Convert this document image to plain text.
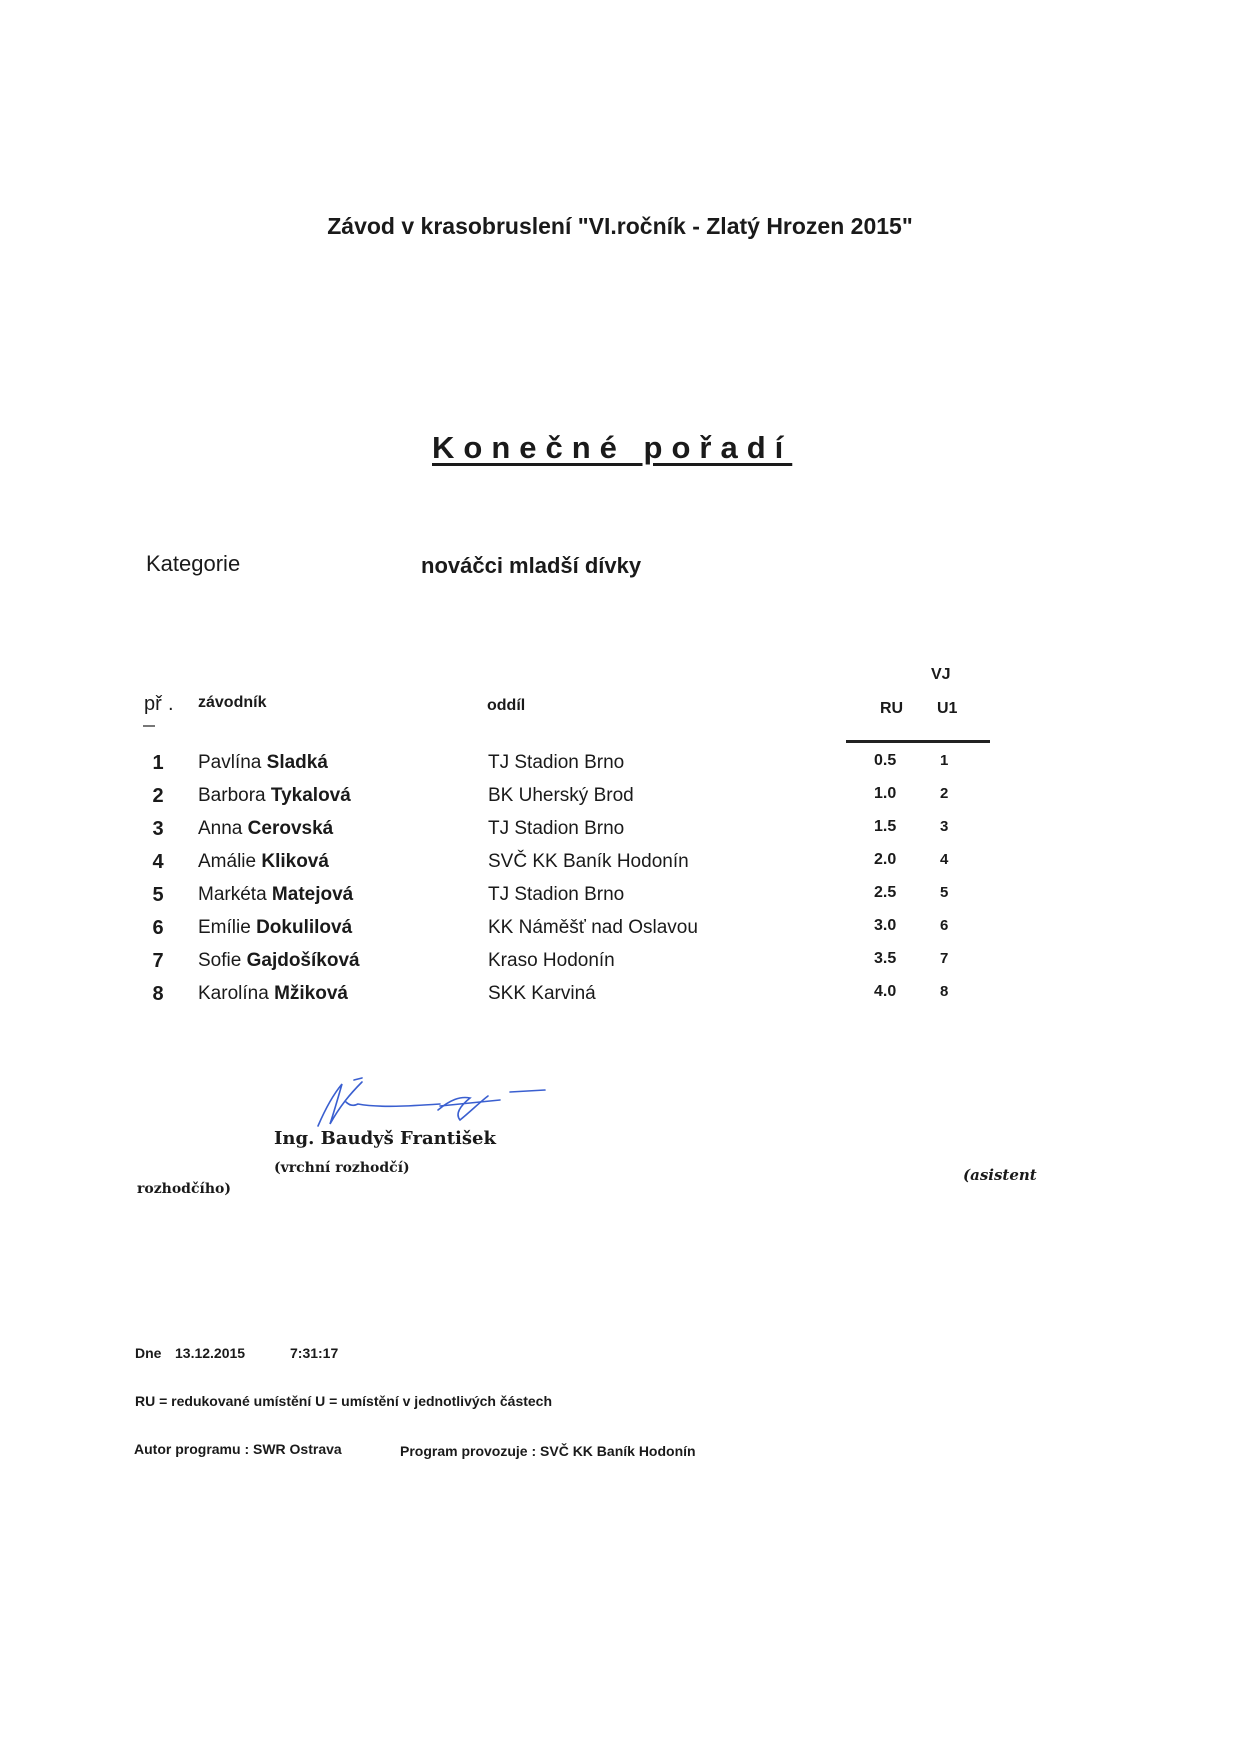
Závod v krasobruslení "VI.ročník - Zlatý Hrozen 2015"
Konečné pořadí
Kategorie	nováčci mladší dívky
př . závodník	oddíl
VJ
RU U1
1 Pavlína Sladká	TJ Stadion Brno	0.5	1
2 Barbora Tykalová	BK Uherský Brod	1.0	2
3 Anna Cerovská	TJ Stadion Brno	1.5	3
4 Amálie Kliková	SVČ KK Baník Hodonín	2.0	4
5 Markéta Matejová	TJ Stadion Brno	2.5	5
6 Emílie Dokulilová	KK Náměšť nad Oslavou	3.0	6
7 Sofie Gajdošíková	Kraso Hodonín	3.5	7
8 Karolína Mžiková	SKK Karviná	4.0	8
Ing. Baudyš František
(vrchní rozhodčí)	(asistent
rozhodčího)
Dne 13.12.2015	7:31:17
RU = redukované umístění U = umístění v jednotlivých částech
Autor programu : SWR Ostrava	Program provozuje : SVČ KK Baník Hodonín
